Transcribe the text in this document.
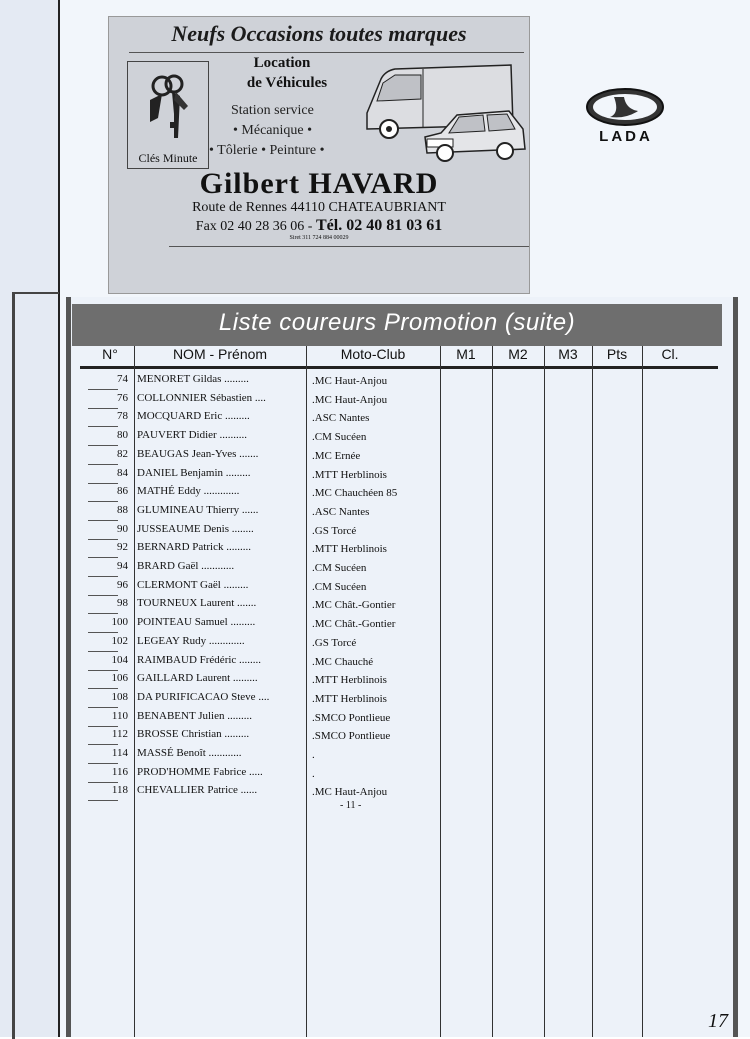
Neufs Occasions toutes marques
Clés Minute
Location
de Véhicules
Station service
• Mécanique •
• Tôlerie • Peinture •
Gilbert HAVARD
Route de Rennes 44110 CHATEAUBRIANT
Fax 02 40 28 36 06 - Tél. 02 40 81 03 61
Siret 311 724 884 00029
LADA
Liste coureurs Promotion (suite)
N°	NOM - Prénom	Moto-Club	M1	M2	M3	Pts	Cl.
74 MENORET Gildas .........	.MC Haut-Anjou
76 COLLONNIER Sébastien ....	.MC Haut-Anjou
78 MOCQUARD Eric .........	.ASC Nantes
80 PAUVERT Didier ..........	.CM Sucéen
82 BEAUGAS Jean-Yves .......	.MC Ernée
84 DANIEL Benjamin .........	.MTT Herblinois
86 MATHÉ Eddy .............	.MC Chauchéen 85
88 GLUMINEAU Thierry ......	.ASC Nantes
90 JUSSEAUME Denis ........	.GS Torcé
92 BERNARD Patrick .........	.MTT Herblinois
94 BRARD Gaël ............	.CM Sucéen
96 CLERMONT Gaël .........	.CM Sucéen
98 TOURNEUX Laurent .......	.MC Chât.-Gontier
100 POINTEAU Samuel .........	.MC Chât.-Gontier
102 LEGEAY Rudy .............	.GS Torcé
104 RAIMBAUD Frédéric ........	.MC Chauché
106 GAILLARD Laurent .........	.MTT Herblinois
108 DA PURIFICACAO Steve ....	.MTT Herblinois
110 BENABENT Julien .........	.SMCO Pontlieue
112 BROSSE Christian .........	.SMCO Pontlieue
114 MASSÉ Benoît ............	.
116 PROD'HOMME Fabrice .....	.
118 CHEVALLIER Patrice ......	.MC Haut-Anjou
- 11 -
17
